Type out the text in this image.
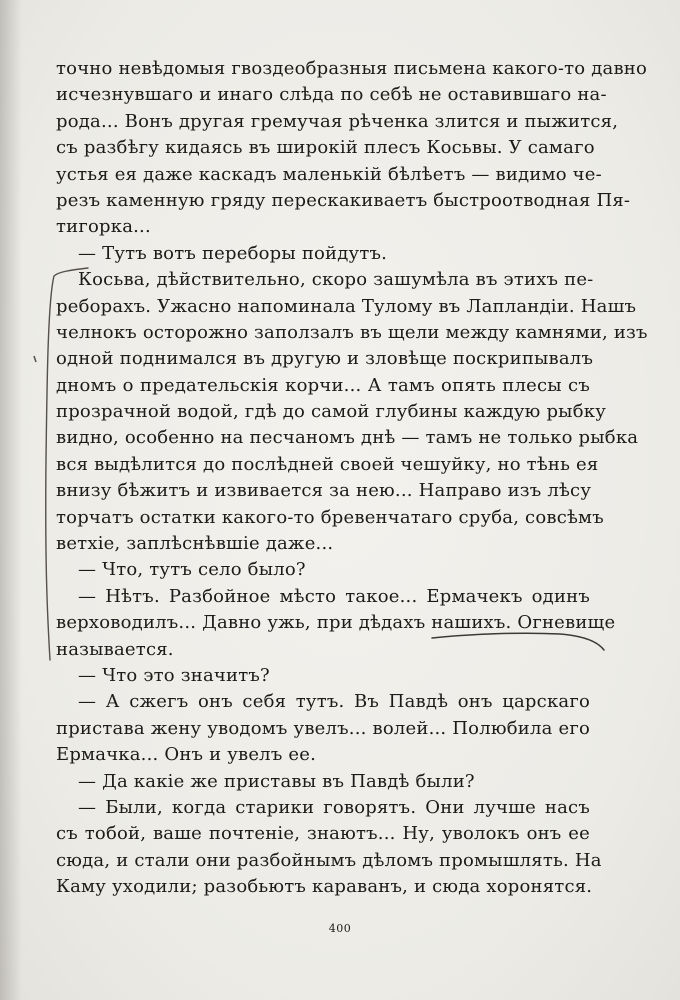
точно невѣдомыя гвоздеобразныя письмена какого-то давно
исчезнувшаго и инаго слѣда по себѣ не оставившаго на-
рода... Вонъ другая гремучая рѣченка злится и пыжится,
съ разбѣгу кидаясь въ широкій плесъ Косьвы. У самаго
устья ея даже каскадъ маленькій бѣлѣетъ — видимо че-
резъ каменную гряду перескакиваетъ быстроотводная Пя-
тигорка...
— Тутъ вотъ переборы пойдутъ.
Косьва, дѣйствительно, скоро зашумѣла въ этихъ пе-
реборахъ. Ужасно напоминала Тулому въ Лапландіи. Нашъ
челнокъ осторожно заползалъ въ щели между камнями, изъ
одной поднимался въ другую и зловѣще поскрипывалъ
дномъ о предательскія корчи... А тамъ опять плесы съ
прозрачной водой, гдѣ до самой глубины каждую рыбку
видно, особенно на песчаномъ днѣ — тамъ не только рыбка
вся выдѣлится до послѣдней своей чешуйку, но тѣнь ея
внизу бѣжитъ и извивается за нею... Направо изъ лѣсу
торчатъ остатки какого-то бревенчатаго сруба, совсѣмъ
ветхіе, заплѣснѣвшіе даже...
— Что, тутъ село было?
— Нѣтъ. Разбойное мѣсто такое... Ермачекъ одинъ
верховодилъ... Давно ужь, при дѣдахъ нашихъ. Огневище
называется.
— Что это значитъ?
— А сжегъ онъ себя тутъ. Въ Павдѣ онъ царскаго
пристава жену уводомъ увелъ... волей... Полюбила его
Ермачка... Онъ и увелъ ее.
— Да какіе же приставы въ Павдѣ были?
— Были, когда старики говорятъ. Они лучше насъ
съ тобой, ваше почтеніе, знаютъ... Ну, уволокъ онъ ее
сюда, и стали они разбойнымъ дѣломъ промышлять. На
Каму уходили; разобьютъ караванъ, и сюда хоронятся.
400
